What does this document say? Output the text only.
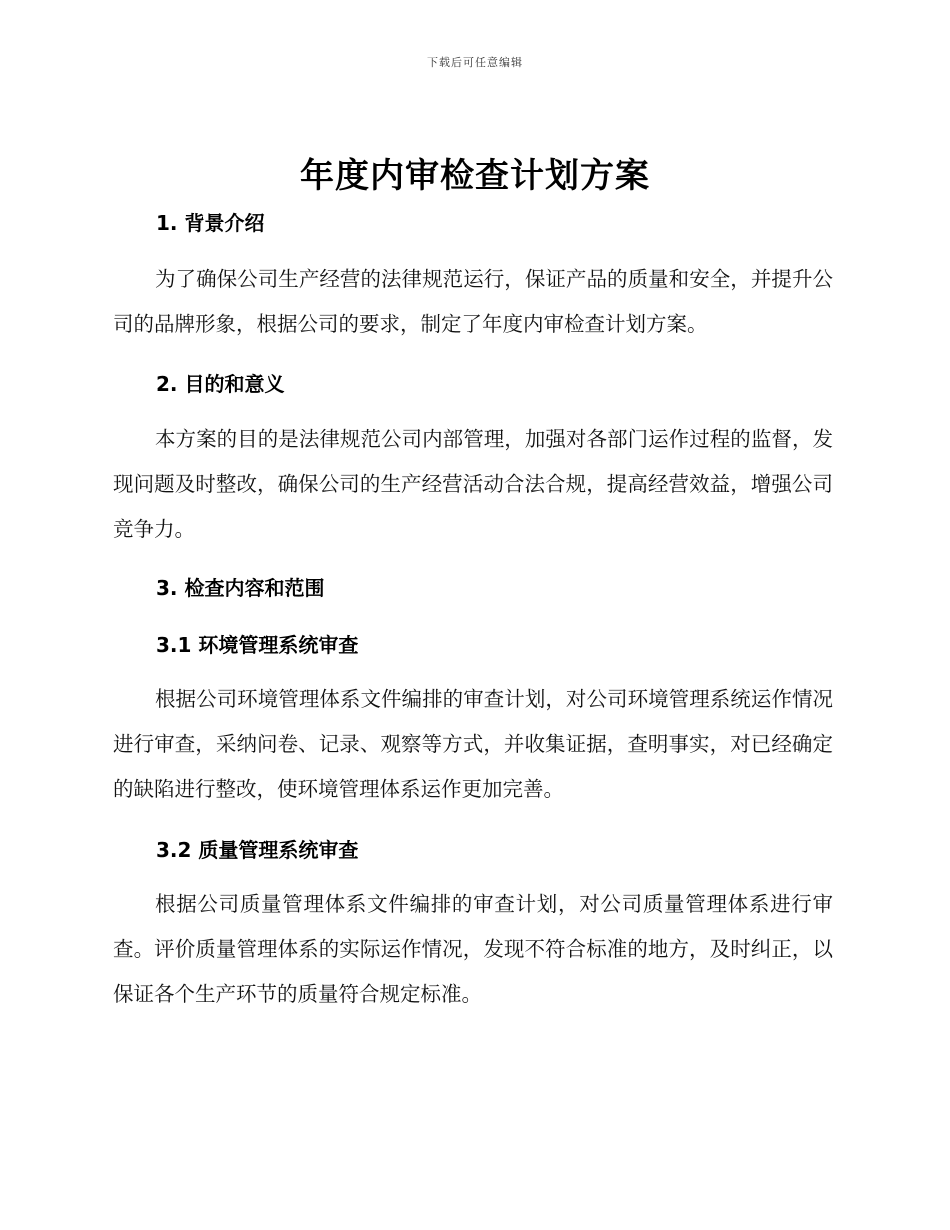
下载后可任意编辑
年度内审检查计划方案
1. 背景介绍
为了确保公司生产经营的法律规范运行，保证产品的质量和安全，并提升公司的品牌形象，根据公司的要求，制定了年度内审检查计划方案。
2. 目的和意义
本方案的目的是法律规范公司内部管理，加强对各部门运作过程的监督，发现问题及时整改，确保公司的生产经营活动合法合规，提高经营效益，增强公司竞争力。
3. 检查内容和范围
3.1 环境管理系统审查
根据公司环境管理体系文件编排的审查计划，对公司环境管理系统运作情况进行审查，采纳问卷、记录、观察等方式，并收集证据，查明事实，对已经确定的缺陷进行整改，使环境管理体系运作更加完善。
3.2 质量管理系统审查
根据公司质量管理体系文件编排的审查计划，对公司质量管理体系进行审查。评价质量管理体系的实际运作情况，发现不符合标准的地方，及时纠正，以保证各个生产环节的质量符合规定标准。
